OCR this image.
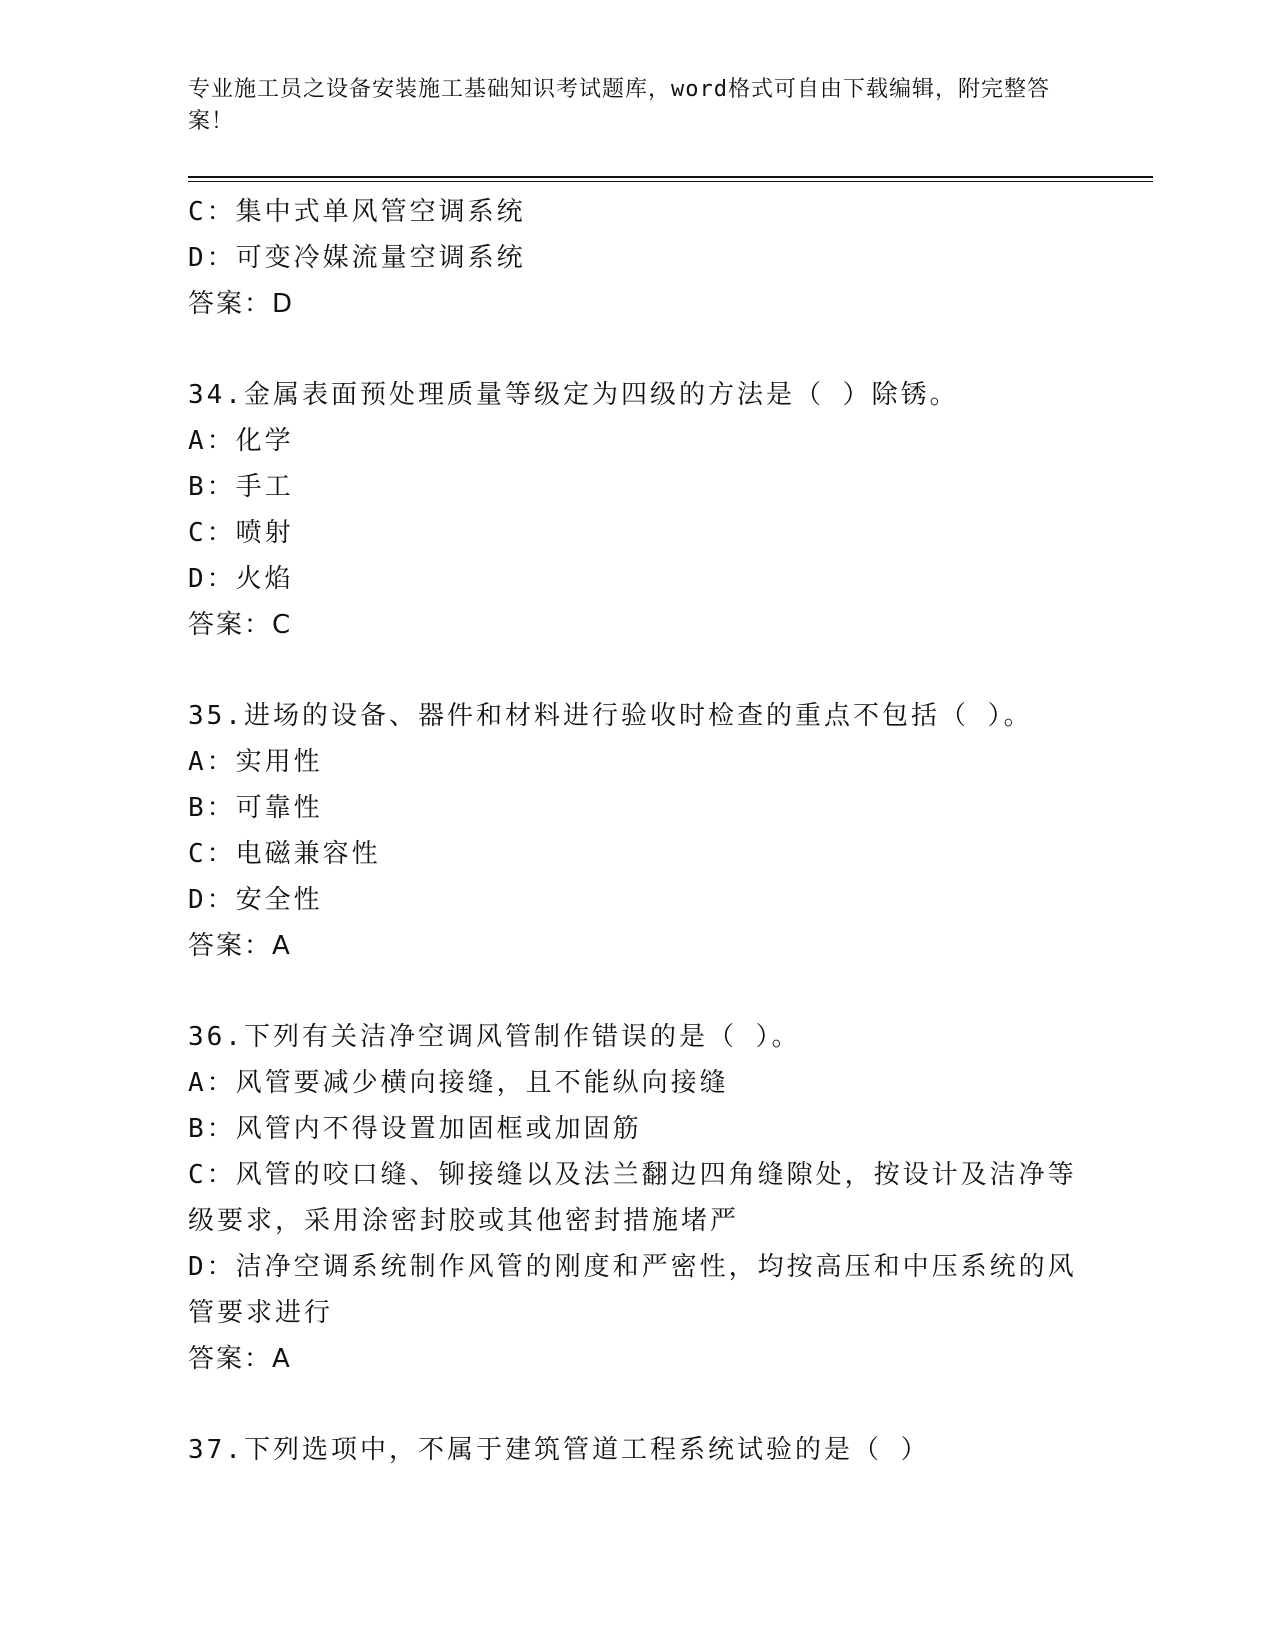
专业施工员之设备安装施工基础知识考试题库，word格式可自由下载编辑，附完整答案！
C：集中式单风管空调系统
D：可变冷媒流量空调系统
答案：D
34.金属表面预处理质量等级定为四级的方法是（ ）除锈。
A：化学
B：手工
C：喷射
D：火焰
答案：C
35.进场的设备、器件和材料进行验收时检查的重点不包括（ ）。
A：实用性
B：可靠性
C：电磁兼容性
D：安全性
答案：A
36.下列有关洁净空调风管制作错误的是（ ）。
A：风管要减少横向接缝，且不能纵向接缝
B：风管内不得设置加固框或加固筋
C：风管的咬口缝、铆接缝以及法兰翻边四角缝隙处，按设计及洁净等级要求，采用涂密封胶或其他密封措施堵严
D：洁净空调系统制作风管的刚度和严密性，均按高压和中压系统的风管要求进行
答案：A
37.下列选项中，不属于建筑管道工程系统试验的是（ ）
